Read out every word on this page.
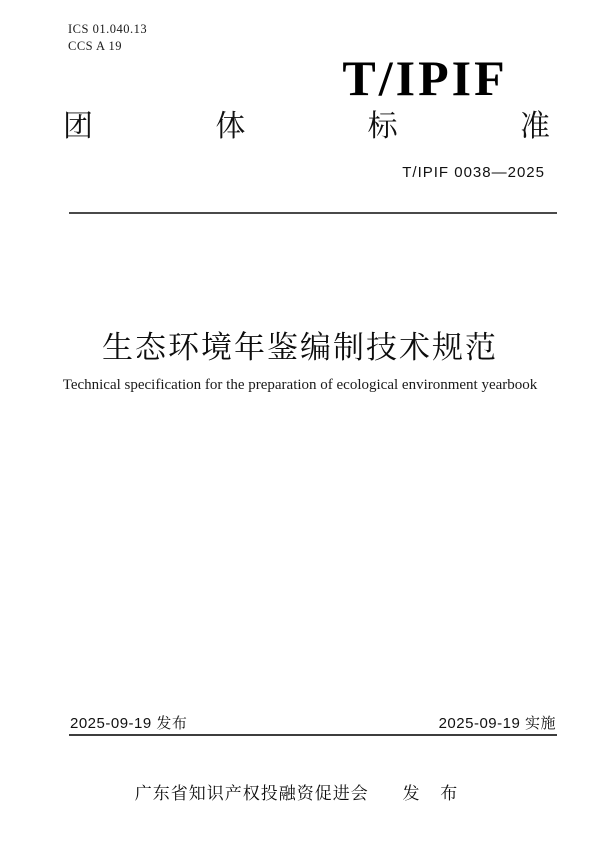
ICS 01.040.13
CCS A 19
T/IPIF
团	体	标	准
T/IPIF 0038—2025
生态环境年鉴编制技术规范
Technical specification for the preparation of ecological environment yearbook
2025-09-19 发布	2025-09-19 实施
广东省知识产权投融资促进会 发 布
